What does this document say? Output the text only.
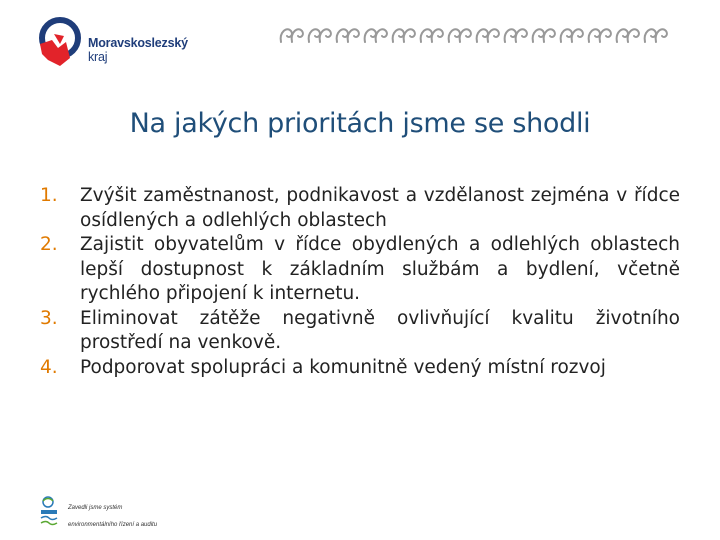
Moravskoslezský
kraj
Na jakých prioritách jsme se shodli
1.	Zvýšit zaměstnanost, podnikavost a vzdělanost zejména v řídce osídlených a odlehlých oblastech
2.	Zajistit obyvatelům v řídce obydlených a odlehlých oblastech lepší dostupnost k základním službám a bydlení, včetně rychlého připojení k internetu.
3.	Eliminovat zátěže negativně ovlivňující kvalitu životního prostředí na venkově.
4.	Podporovat spolupráci a komunitně vedený místní rozvoj
Zavedli jsme systém
environmentálního řízení a auditu
